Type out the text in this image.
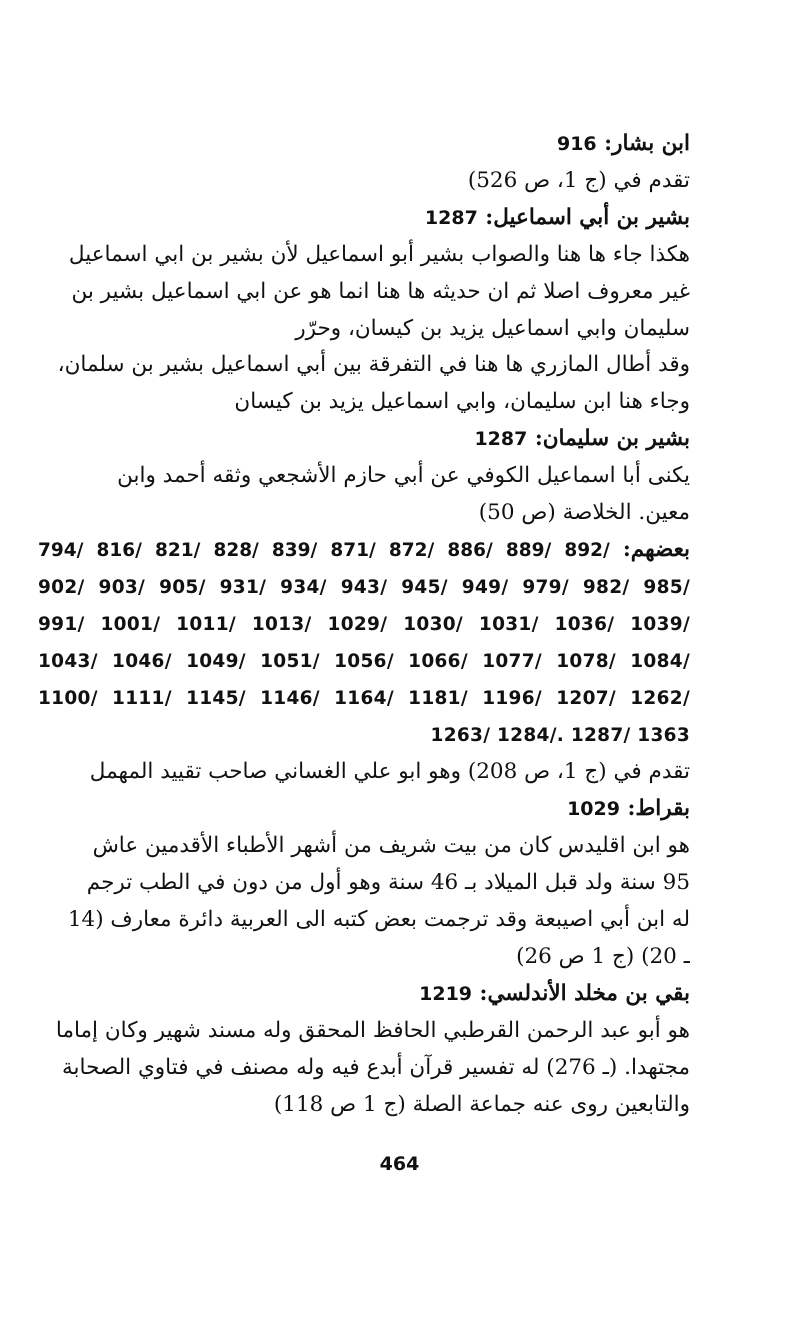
ابن بشار: 916
تقدم في (ج 1، ص 526)
بشير بن أبي اسماعيل: 1287
هكذا جاء ها هنا والصواب بشير أبو اسماعيل لأن بشير بن ابي اسماعيل
غير معروف اصلا ثم ان حديثه ها هنا انما هو عن ابي اسماعيل بشير بن
سليمان وابي اسماعيل يزيد بن كيسان، وحرّر
وقد أطال المازري ها هنا في التفرقة بين أبي اسماعيل بشير بن سلمان،
وجاء هنا ابن سليمان، وابي اسماعيل يزيد بن كيسان
بشير بن سليمان: 1287
يكنى أبا اسماعيل الكوفي عن أبي حازم الأشجعي وثقه أحمد وابن
معين. الخلاصة (ص 50)
بعضهم: 794/ 816/ 821/ 828/ 839/ 871/ 872/ 886/ 889/ 892/
902/ 903/ 905/ 931/ 934/ 943/ 945/ 949/ 979/ 982/ 985/
991/ 1001/ 1011/ 1013/ 1029/ 1030/ 1031/ 1036/ 1039/
1043/ 1046/ 1049/ 1051/ 1056/ 1066/ 1077/ 1078/ 1084/
1100/ 1111/ 1145/ 1146/ 1164/ 1181/ 1196/ 1207/ 1262/
1263/ 1284/. 1287/ 1363
تقدم في (ج 1، ص 208) وهو ابو علي الغساني صاحب تقييد المهمل
بقراط: 1029
هو ابن اقليدس كان من بيت شريف من أشهر الأطباء الأقدمين عاش
95 سنة ولد قبل الميلاد بـ 46 سنة وهو أول من دون في الطب ترجم
له ابن أبي اصيبعة وقد ترجمت بعض كتبه الى العربية دائرة معارف (14
ـ 20) (ج 1 ص 26)
بقي بن مخلد الأندلسي: 1219
هو أبو عبد الرحمن القرطبي الحافظ المحقق وله مسند شهير وكان إماما
مجتهدا. (ـ 276) له تفسير قرآن أبدع فيه وله مصنف في فتاوي الصحابة
والتابعين روى عنه جماعة الصلة (ج 1 ص 118)
464
